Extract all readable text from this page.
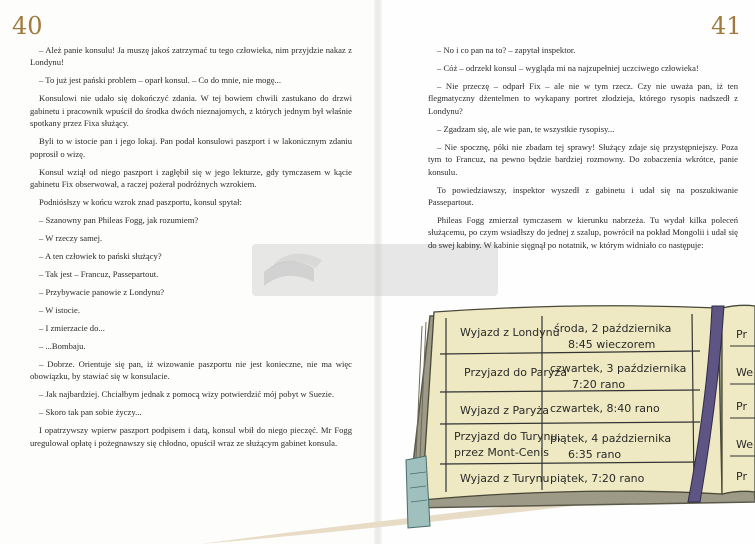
40	41

– Ależ panie konsulu! Ja muszę jakoś zatrzymać tu tego człowieka, nim przyjdzie nakaz z Londynu!

– To już jest pański problem – oparł konsul. – Co do mnie, nie mogę...

Konsulowi nie udało się dokończyć zdania. W tej bowiem chwili zastukano do drzwi gabinetu i pracownik wpuścił do środka dwóch nieznajomych, z których jednym był właśnie spotkany przez Fixa służący.

Byli to w istocie pan i jego lokaj. Pan podał konsulowi paszport i w lakonicznym zdaniu poprosił o wizę.

Konsul wziął od niego paszport i zagłębił się w jego lekturze, gdy tymczasem w kącie gabinetu Fix obserwował, a raczej pożerał podróżnych wzrokiem.

Podniósłszy w końcu wzrok znad paszportu, konsul spytał:

– Szanowny pan Phileas Fogg, jak rozumiem?

– W rzeczy samej.

– A ten człowiek to pański służący?

– Tak jest – Francuz, Passepartout.

– Przybywacie panowie z Londynu?

– W istocie.

– I zmierzacie do...

– ...Bombaju.

– Dobrze. Orientuje się pan, iż wizowanie paszportu nie jest konieczne, nie ma więc obowiązku, by stawiać się w konsulacie.

– Jak najbardziej. Chciałbym jednak z pomocą wizy potwierdzić mój pobyt w Suezie.

– Skoro tak pan sobie życzy...

I opatrzywszy wpierw paszport podpisem i datą, konsul wbił do niego pieczęć. Mr Fogg uregulował opłatę i pożegnawszy się chłodno, opuścił wraz ze służącym gabinet konsula.

– No i co pan na to? – zapytał inspektor.

– Cóż – odrzekł konsul – wygląda mi na najzupełniej uczciwego człowieka!

– Nie przeczę – odparł Fix – ale nie w tym rzecz. Czy nie uważa pan, iż ten flegmatyczny dżentelmen to wykapany portret złodzieja, którego rysopis nadszedł z Londynu?

– Zgadzam się, ale wie pan, te wszystkie rysopisy...

– Nie spocznę, póki nie zbadam tej sprawy! Służący zdaje się przystępniejszy. Poza tym to Francuz, na pewno będzie bardziej rozmowny. Do zobaczenia wkrótce, panie konsulu.

To powiedziawszy, inspektor wyszedł z gabinetu i udał się na poszukiwanie Passepartout.

Phileas Fogg zmierzał tymczasem w kierunku nabrzeża. Tu wydał kilka poleceń służącemu, po czym wsiadłszy do jednej z szalup, powrócił na pokład Mongolii i udał się do swej kabiny. W kabinie sięgnął po notatnik, w którym widniało co następuje:

Wyjazd z Londynu
środa, 2 października
8:45 wieczorem
Przyjazd do Paryża
czwartek, 3 października
7:20 rano
Wyjazd z Paryża czwartek, 8:40 rano
Przyjazd do Turynu,
przez Mont-Cenis
piątek, 4 października
6:35 rano
Wyjazd z Turynu piątek, 7:20 rano
Pr
We
Pr
We
Pr
